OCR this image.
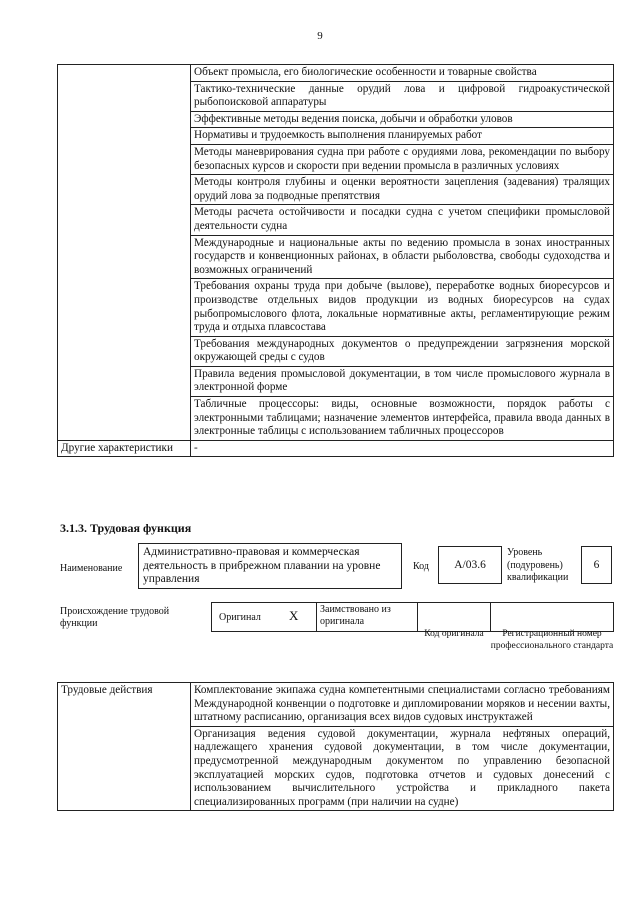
9
	Объект промысла, его биологические особенности и товарные свойства
	Тактико-технические данные орудий лова и цифровой гидроакустической рыбопоисковой аппаратуры
	Эффективные методы ведения поиска, добычи и обработки уловов
	Нормативы и трудоемкость выполнения планируемых работ
	Методы маневрирования судна при работе с орудиями лова, рекомендации по выбору безопасных курсов и скорости при ведении промысла в различных условиях
	Методы контроля глубины и оценки вероятности зацепления (задевания) тралящих орудий лова за подводные препятствия
	Методы расчета остойчивости и посадки судна с учетом специфики промысловой деятельности судна
	Международные и национальные акты по ведению промысла в зонах иностранных государств и конвенционных районах, в области рыболовства, свободы судоходства и возможных ограничений
	Требования охраны труда при добыче (вылове), переработке водных биоресурсов и производстве отдельных видов продукции из водных биоресурсов на судах рыбопромыслового флота, локальные нормативные акты, регламентирующие режим труда и отдыха плавсостава
	Требования международных документов о предупреждении загрязнения морской окружающей среды с судов
	Правила ведения промысловой документации, в том числе промыслового журнала в электронной форме
	Табличные процессоры: виды, основные возможности, порядок работы с электронными таблицами; назначение элементов интерфейса, правила ввода данных в электронные таблицы с использованием табличных процессоров
Другие характеристики	-
3.1.3. Трудовая функция
Наименование
Административно-правовая и коммерческая деятельность в прибрежном плавании на уровне управления
Код A/03.6
Уровень (подуровень) квалификации
6
Происхождение трудовой функции
Оригинал X Заимствовано из оригинала
Код оригинала	Регистрационный номер профессионального стандарта
Трудовые действия	Комплектование экипажа судна компетентными специалистами согласно требованиям Международной конвенции о подготовке и дипломировании моряков и несении вахты, штатному расписанию, организация всех видов судовых инструктажей
Организация ведения судовой документации, журнала нефтяных операций, надлежащего хранения судовой документации, в том числе документации, предусмотренной международным документом по управлению безопасной эксплуатацией морских судов, подготовка отчетов и судовых донесений с использованием вычислительного устройства и прикладного пакета специализированных программ (при наличии на судне)
